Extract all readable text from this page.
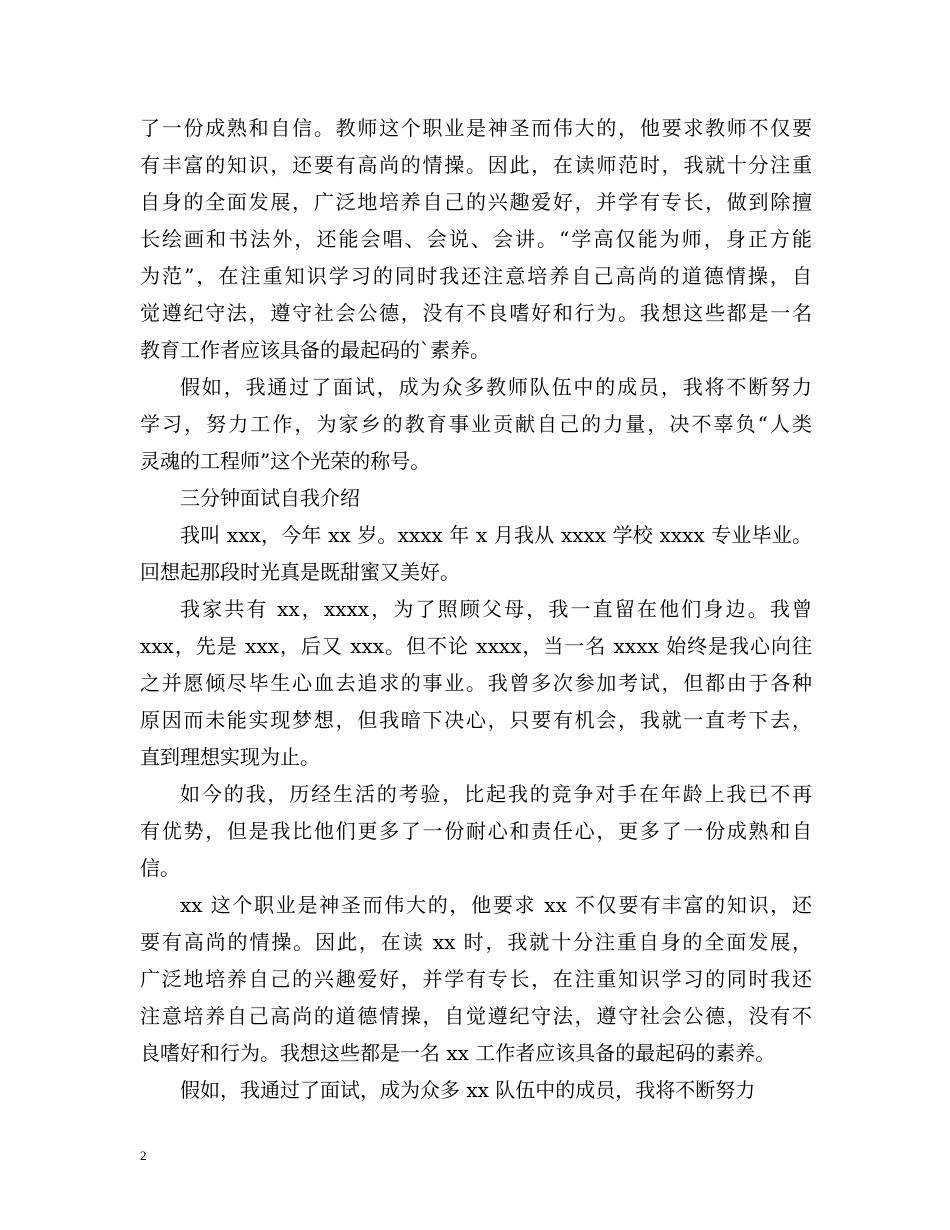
了一份成熟和自信。教师这个职业是神圣而伟大的，他要求教师不仅要
有丰富的知识，还要有高尚的情操。因此，在读师范时，我就十分注重
自身的全面发展，广泛地培养自己的兴趣爱好，并学有专长，做到除擅
长绘画和书法外，还能会唱、会说、会讲。“学高仅能为师，身正方能
为范”，在注重知识学习的同时我还注意培养自己高尚的道德情操，自
觉遵纪守法，遵守社会公德，没有不良嗜好和行为。我想这些都是一名
教育工作者应该具备的最起码的`素养。
假如，我通过了面试，成为众多教师队伍中的成员，我将不断努力
学习，努力工作，为家乡的教育事业贡献自己的力量，决不辜负“人类
灵魂的工程师”这个光荣的称号。
三分钟面试自我介绍
我叫 xxx，今年 xx 岁。xxxx 年 x 月我从 xxxx 学校 xxxx 专业毕业。
回想起那段时光真是既甜蜜又美好。
我家共有 xx，xxxx，为了照顾父母，我一直留在他们身边。我曾
xxx，先是 xxx，后又 xxx。但不论 xxxx，当一名 xxxx 始终是我心向往
之并愿倾尽毕生心血去追求的事业。我曾多次参加考试，但都由于各种
原因而未能实现梦想，但我暗下决心，只要有机会，我就一直考下去，
直到理想实现为止。
如今的我，历经生活的考验，比起我的竞争对手在年龄上我已不再
有优势，但是我比他们更多了一份耐心和责任心，更多了一份成熟和自
信。
xx 这个职业是神圣而伟大的，他要求 xx 不仅要有丰富的知识，还
要有高尚的情操。因此，在读 xx 时，我就十分注重自身的全面发展，
广泛地培养自己的兴趣爱好，并学有专长，在注重知识学习的同时我还
注意培养自己高尚的道德情操，自觉遵纪守法，遵守社会公德，没有不
良嗜好和行为。我想这些都是一名 xx 工作者应该具备的最起码的素养。
假如，我通过了面试，成为众多 xx 队伍中的成员，我将不断努力
2
